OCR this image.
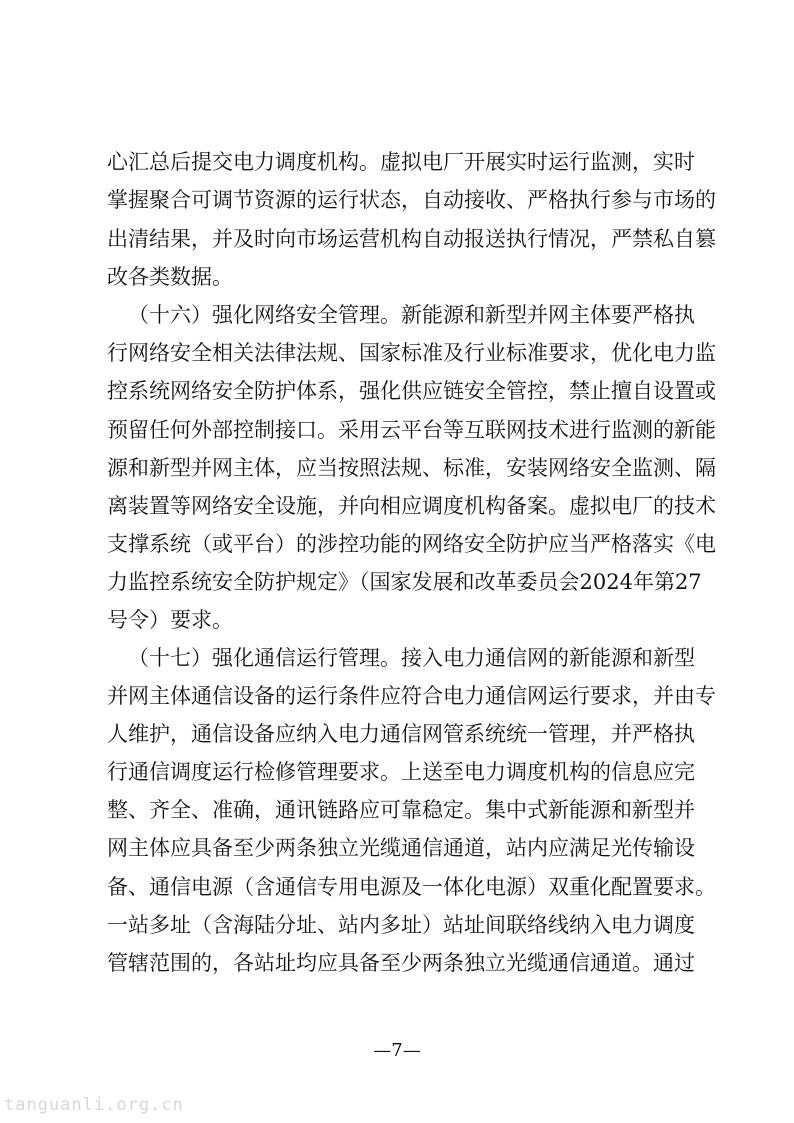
心汇总后提交电力调度机构。虚拟电厂开展实时运行监测，实时
掌握聚合可调节资源的运行状态，自动接收、严格执行参与市场的
出清结果，并及时向市场运营机构自动报送执行情况，严禁私自篡
改各类数据。
（十六）强化网络安全管理。新能源和新型并网主体要严格执
行网络安全相关法律法规、国家标准及行业标准要求，优化电力监
控系统网络安全防护体系，强化供应链安全管控，禁止擅自设置或
预留任何外部控制接口。采用云平台等互联网技术进行监测的新能
源和新型并网主体，应当按照法规、标准，安装网络安全监测、隔
离装置等网络安全设施，并向相应调度机构备案。虚拟电厂的技术
支撑系统（或平台）的涉控功能的网络安全防护应当严格落实《电
力监控系统安全防护规定》（国家发展和改革委员会2024年第27
号令）要求。
（十七）强化通信运行管理。接入电力通信网的新能源和新型
并网主体通信设备的运行条件应符合电力通信网运行要求，并由专
人维护，通信设备应纳入电力通信网管系统统一管理，并严格执
行通信调度运行检修管理要求。上送至电力调度机构的信息应完
整、齐全、准确，通讯链路应可靠稳定。集中式新能源和新型并
网主体应具备至少两条独立光缆通信通道，站内应满足光传输设
备、通信电源（含通信专用电源及一体化电源）双重化配置要求。
一站多址（含海陆分址、站内多址）站址间联络线纳入电力调度
管辖范围的，各站址均应具备至少两条独立光缆通信通道。通过
—7—
tanguanli.org.cn
